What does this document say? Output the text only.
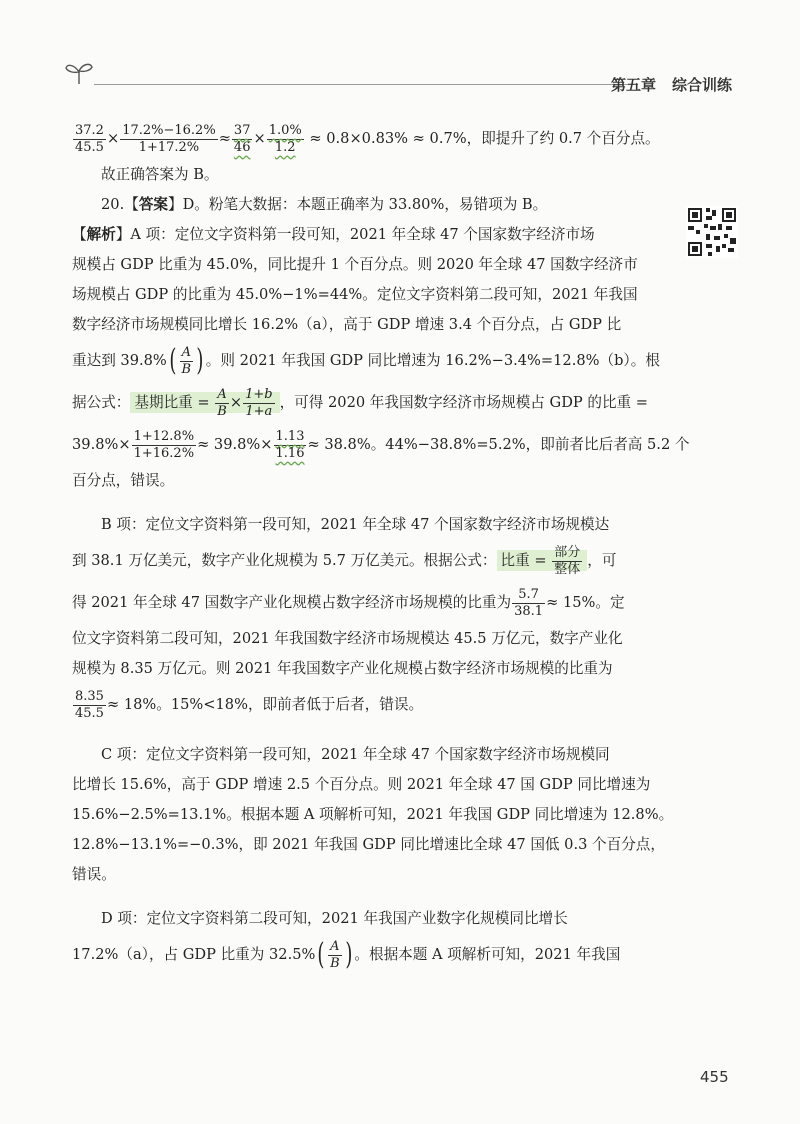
第五章 综合训练
$\frac{37.2}{45.5} \times \frac{17.2\%-16.2\%}{1+17.2\%} \approx \frac{37}{46} \times \frac{1.0\%}{1.2} \approx 0.8\times 0.83\% \approx 0.7\%$，即提升了约 0.7 个百分点。
故正确答案为 B。
20.【答案】D。粉笔大数据：本题正确率为 33.80%，易错项为 B。
【解析】A 项：定位文字资料第一段可知，2021 年全球 47 个国家数字经济市场
规模占 GDP 比重为 45.0%，同比提升 1 个百分点。则 2020 年全球 47 国数字经济市
场规模占 GDP 的比重为 45.0%−1%=44%。定位文字资料第二段可知，2021 年我国
数字经济市场规模同比增长 16.2%（a），高于 GDP 增速 3.4 个百分点，占 GDP 比
重达到 $39.8\%( \frac{A}{B}$ ) 。则 2021 年我国 GDP 同比增速为 16.2%−3.4%=12.8%（b）。根
据公式： 基期比重 = $\frac{A}{B} \times \frac{1+b}{1+a}$ ，可得 2020 年我国数字经济市场规模占 GDP 的比重 =
$39.8\%\times \frac{1+12.8\%}{1+16.2\%} \approx 39.8\%\times \frac{1.13}{1.16} \approx 38.8\%$。44%−38.8%=5.2%，即前者比后者高 5.2 个
百分点，错误。
B 项：定位文字资料第一段可知，2021 年全球 47 个国家数字经济市场规模达
到 38.1 万亿美元，数字产业化规模为 5.7 万亿美元。根据公式： 比重 = $\frac{\text{部分}}{\text{整体}}$ ，可
得 2021 年全球 47 国数字产业化规模占数字经济市场规模的比重为 $\frac{5.7}{38.1} \approx 15\%$。定
位文字资料第二段可知，2021 年我国数字经济市场规模达 45.5 万亿元，数字产业化
规模为 8.35 万亿元。则 2021 年我国数字产业化规模占数字经济市场规模的比重为
$\frac{8.35}{45.5} \approx 18\%$。15%<18%，即前者低于后者，错误。
C 项：定位文字资料第一段可知，2021 年全球 47 个国家数字经济市场规模同
比增长 15.6%，高于 GDP 增速 2.5 个百分点。则 2021 年全球 47 国 GDP 同比增速为
15.6%−2.5%=13.1%。根据本题 A 项解析可知，2021 年我国 GDP 同比增速为 12.8%。
12.8%−13.1%=−0.3%，即 2021 年我国 GDP 同比增速比全球 47 国低 0.3 个百分点，
错误。
D 项：定位文字资料第二段可知，2021 年我国产业数字化规模同比增长
17.2%（a），占 GDP 比重为 $32.5\%( \frac{A}{B}$ ) 。根据本题 A 项解析可知，2021 年我国
455
